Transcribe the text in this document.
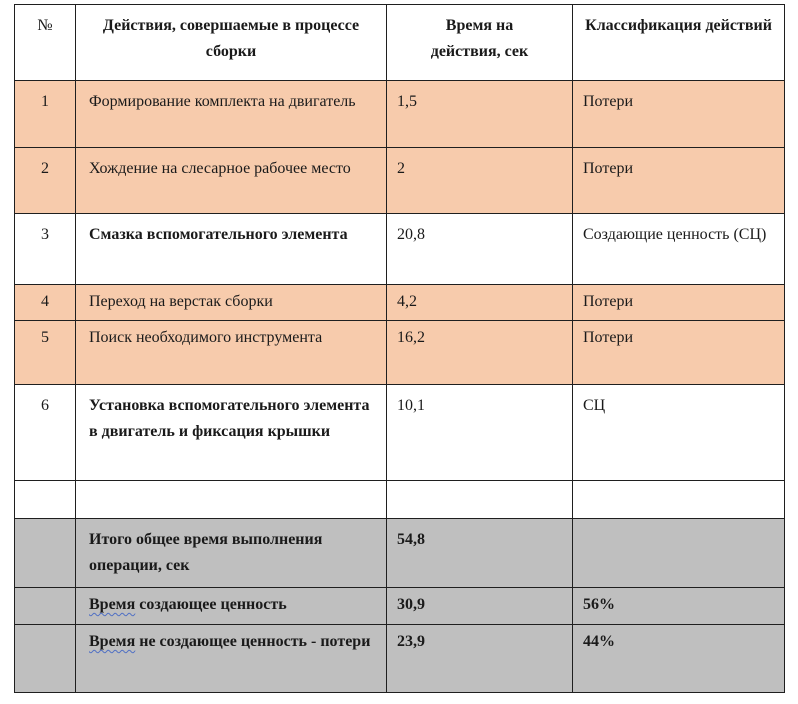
№	Действия, совершаемые в процессе сборки	Время на действия, сек	Классификация действий
1	Формирование комплекта на двигатель	1,5	Потери
2	Хождение на слесарное рабочее место	2	Потери
3	Смазка вспомогательного элемента	20,8	Создающие ценность (СЦ)
4	Переход на верстак сборки	4,2	Потери
5	Поиск необходимого инструмента	16,2	Потери
6	Установка вспомогательного элемента в двигатель и фиксация крышки	10,1	СЦ

	Итого общее время выполнения операции, сек	54,8	
	Время создающее ценность	30,9	56%
	Время не создающее ценность - потери	23,9	44%
